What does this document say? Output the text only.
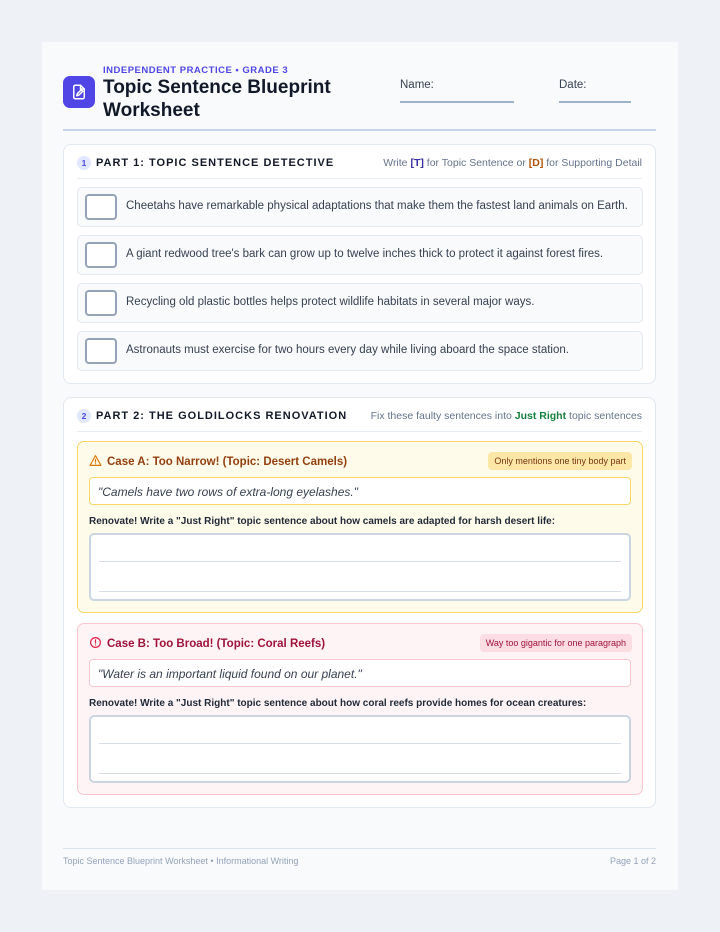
INDEPENDENT PRACTICE • GRADE 3
Topic Sentence Blueprint Worksheet
Name:	Date:
1 PART 1: TOPIC SENTENCE DETECTIVE	Write [T] for Topic Sentence or [D] for Supporting Detail
Cheetahs have remarkable physical adaptations that make them the fastest land animals on Earth.
A giant redwood tree's bark can grow up to twelve inches thick to protect it against forest fires.
Recycling old plastic bottles helps protect wildlife habitats in several major ways.
Astronauts must exercise for two hours every day while living aboard the space station.
2 PART 2: THE GOLDILOCKS RENOVATION Fix these faulty sentences into Just Right topic sentences
Case A: Too Narrow! (Topic: Desert Camels)	Only mentions one tiny body part
"Camels have two rows of extra-long eyelashes."
Renovate! Write a "Just Right" topic sentence about how camels are adapted for harsh desert life:
Case B: Too Broad! (Topic: Coral Reefs)	Way too gigantic for one paragraph
"Water is an important liquid found on our planet."
Renovate! Write a "Just Right" topic sentence about how coral reefs provide homes for ocean creatures:
Topic Sentence Blueprint Worksheet • Informational Writing	Page 1 of 2
